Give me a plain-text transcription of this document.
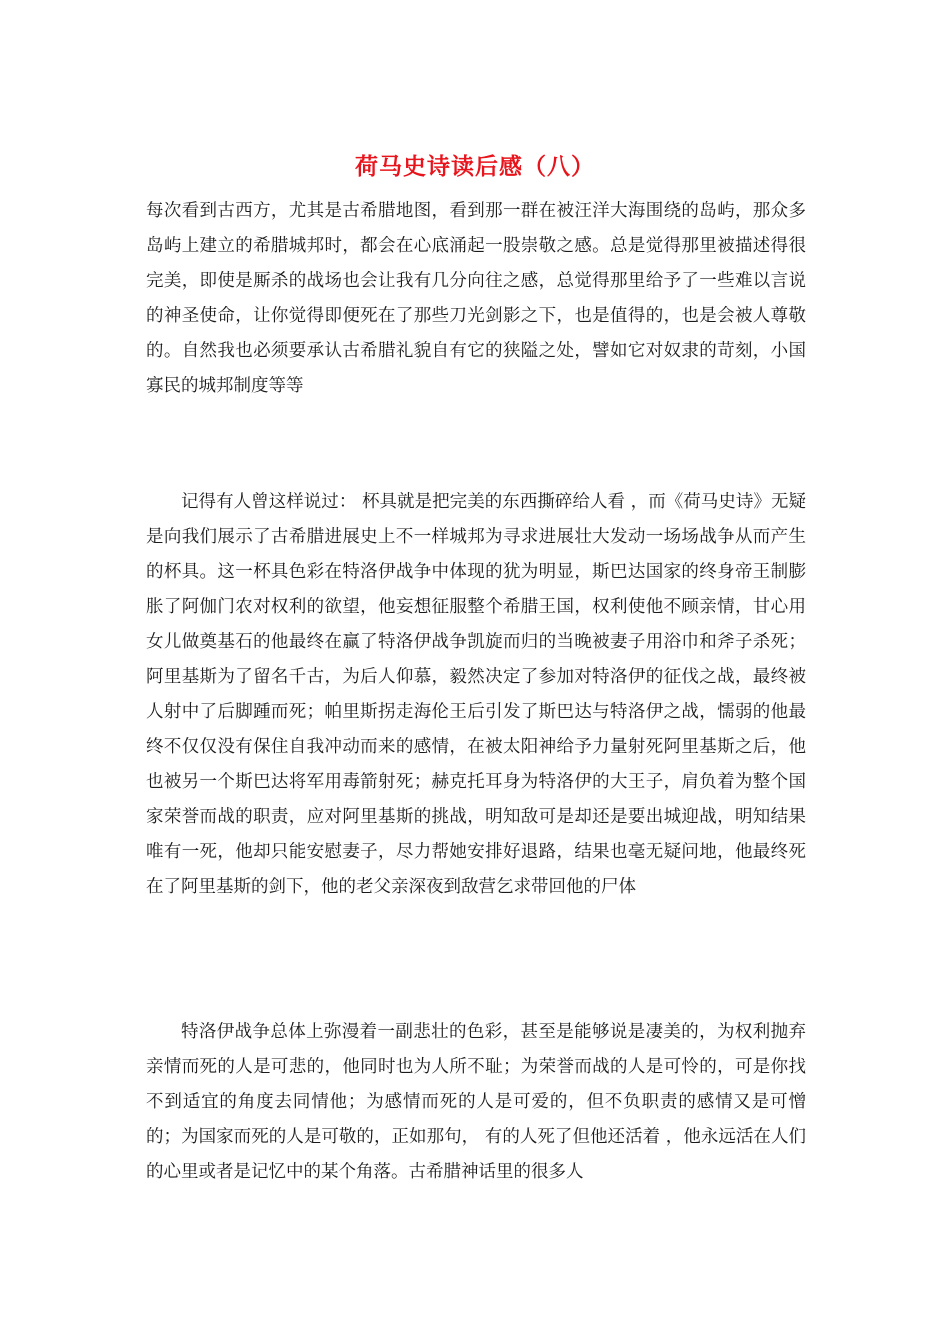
荷马史诗读后感（八）

每次看到古西方，尤其是古希腊地图，看到那一群在被汪洋大海围绕的岛屿，那众多岛屿上建立的希腊城邦时，都会在心底涌起一股崇敬之感。总是觉得那里被描述得很完美，即使是厮杀的战场也会让我有几分向往之感，总觉得那里给予了一些难以言说的神圣使命，让你觉得即便死在了那些刀光剑影之下，也是值得的，也是会被人尊敬的。自然我也必须要承认古希腊礼貌自有它的狭隘之处，譬如它对奴隶的苛刻，小国寡民的城邦制度等等

记得有人曾这样说过： 杯具就是把完美的东西撕碎给人看 ，而《荷马史诗》无疑是向我们展示了古希腊进展史上不一样城邦为寻求进展壮大发动一场场战争从而产生的杯具。这一杯具色彩在特洛伊战争中体现的犹为明显，斯巴达国家的终身帝王制膨胀了阿伽门农对权利的欲望，他妄想征服整个希腊王国，权利使他不顾亲情，甘心用女儿做奠基石的他最终在赢了特洛伊战争凯旋而归的当晚被妻子用浴巾和斧子杀死；阿里基斯为了留名千古，为后人仰慕，毅然决定了参加对特洛伊的征伐之战，最终被人射中了后脚踵而死；帕里斯拐走海伦王后引发了斯巴达与特洛伊之战，懦弱的他最终不仅仅没有保住自我冲动而来的感情，在被太阳神给予力量射死阿里基斯之后，他也被另一个斯巴达将军用毒箭射死；赫克托耳身为特洛伊的大王子，肩负着为整个国家荣誉而战的职责，应对阿里基斯的挑战，明知敌可是却还是要出城迎战，明知结果唯有一死，他却只能安慰妻子，尽力帮她安排好退路，结果也毫无疑问地，他最终死在了阿里基斯的剑下，他的老父亲深夜到敌营乞求带回他的尸体

特洛伊战争总体上弥漫着一副悲壮的色彩，甚至是能够说是凄美的，为权利抛弃亲情而死的人是可悲的，他同时也为人所不耻；为荣誉而战的人是可怜的，可是你找不到适宜的角度去同情他；为感情而死的人是可爱的，但不负职责的感情又是可憎的；为国家而死的人是可敬的，正如那句， 有的人死了但他还活着 ，他永远活在人们的心里或者是记忆中的某个角落。古希腊神话里的很多人
